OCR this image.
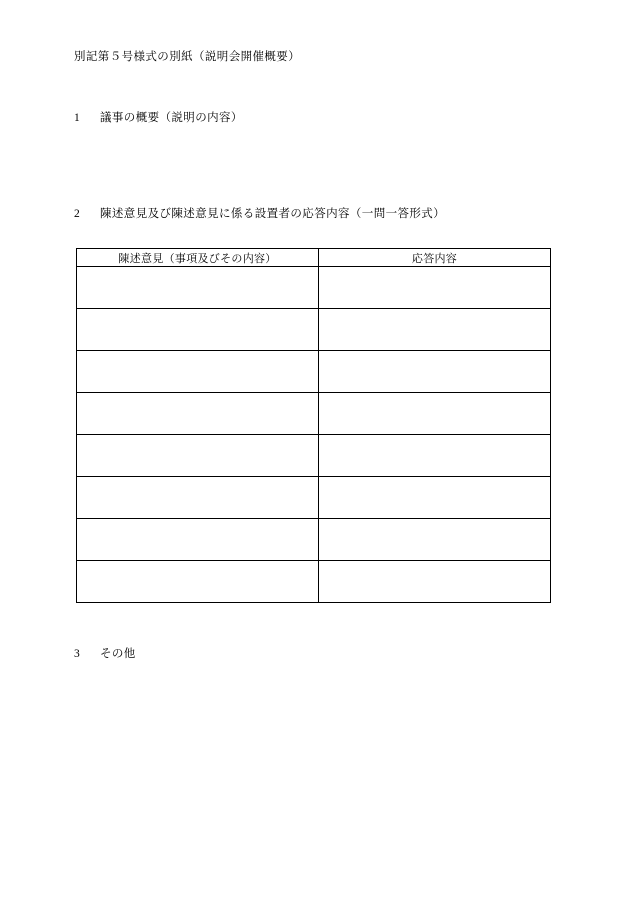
別記第５号様式の別紙（説明会開催概要）
1 議事の概要（説明の内容）
2 陳述意見及び陳述意見に係る設置者の応答内容（一問一答形式）
陳述意見（事項及びその内容）	応答内容

3 その他
